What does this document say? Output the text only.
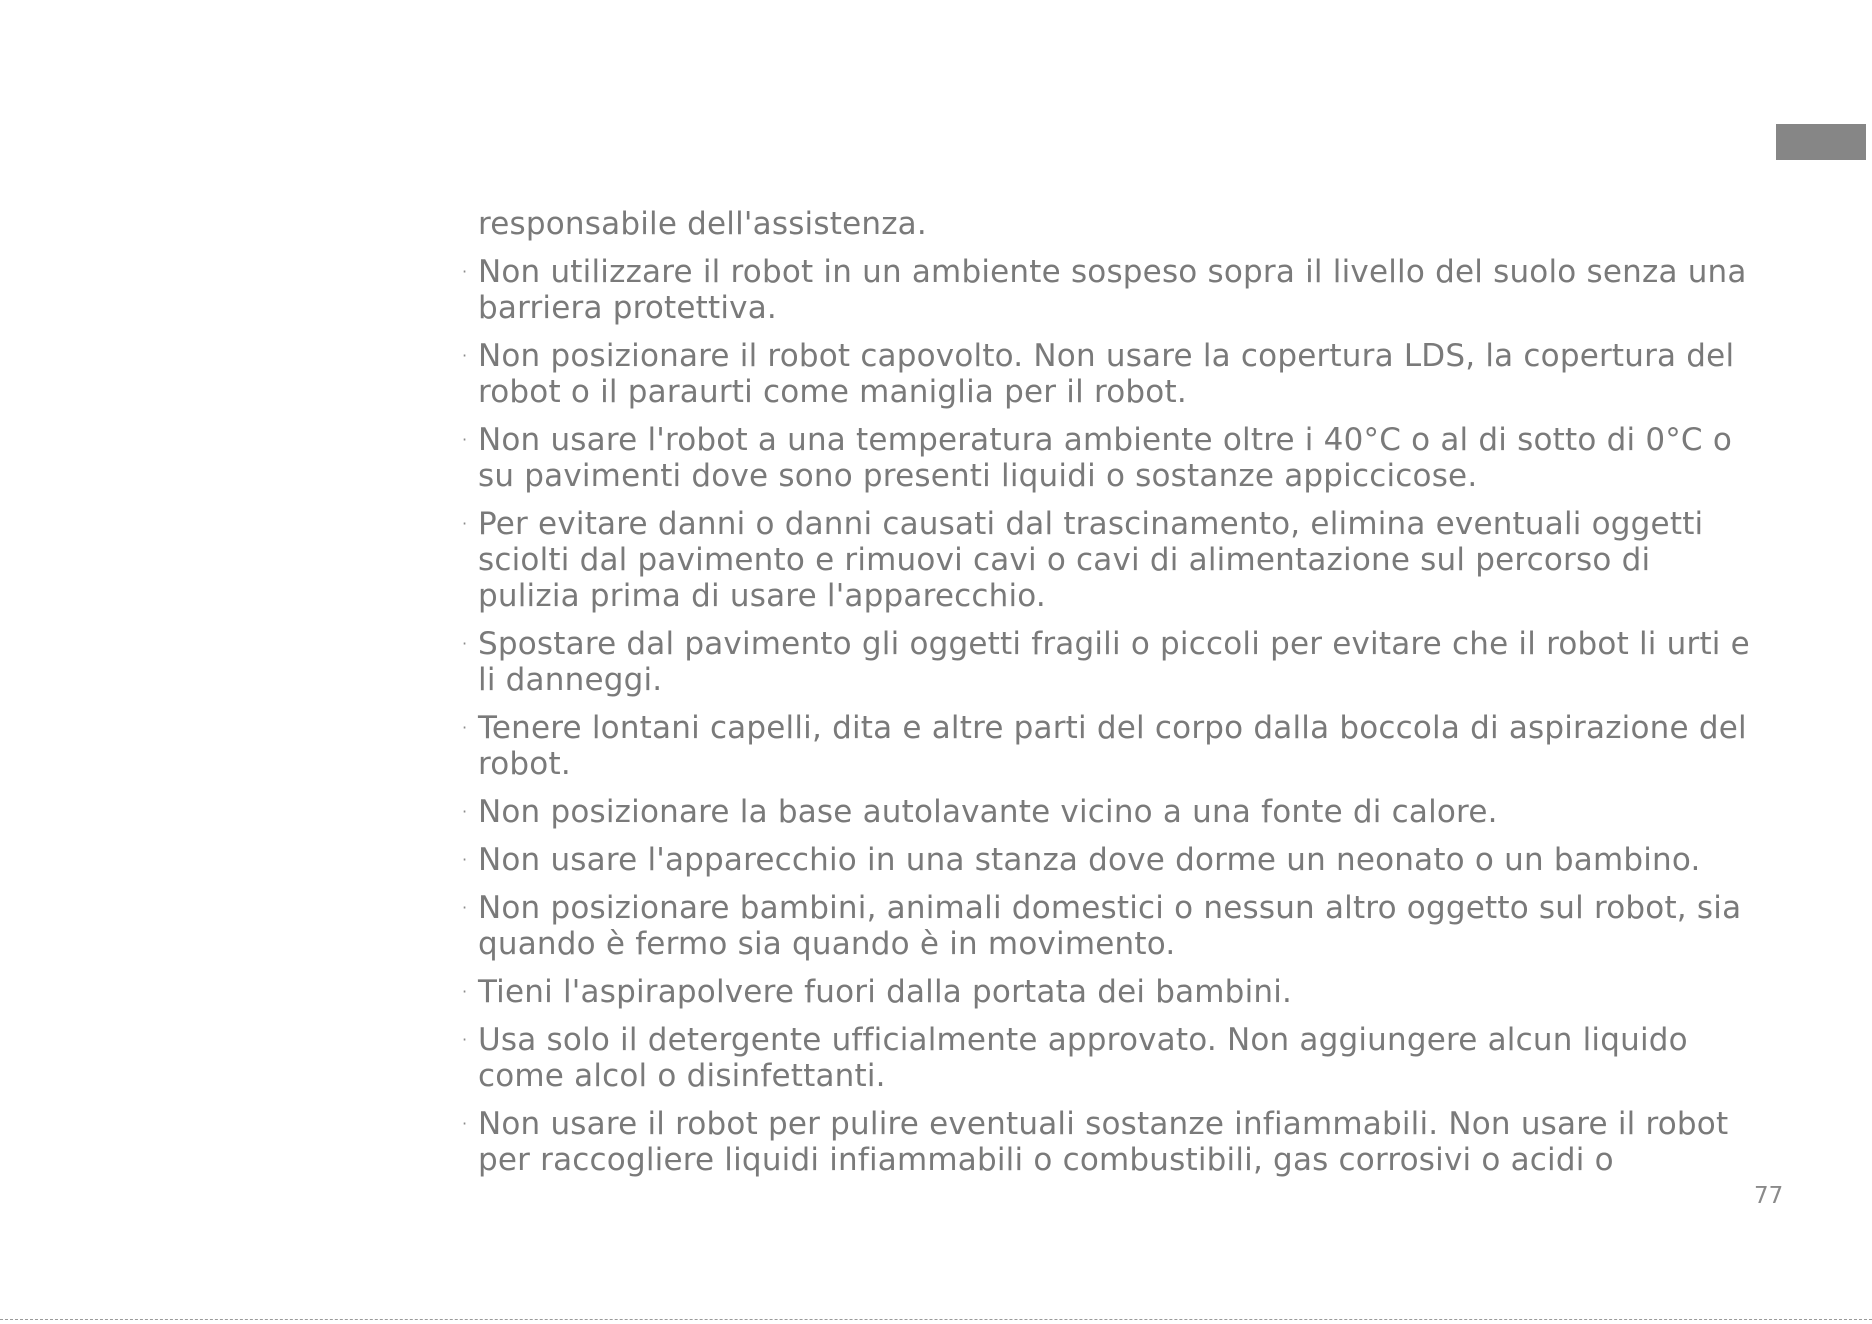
responsabile dell'assistenza.
· Non utilizzare il robot in un ambiente sospeso sopra il livello del suolo senza una barriera protettiva.
· Non posizionare il robot capovolto. Non usare la copertura LDS, la copertura del robot o il paraurti come maniglia per il robot.
· Non usare l'robot a una temperatura ambiente oltre i 40°C o al di sotto di 0°C o su pavimenti dove sono presenti liquidi o sostanze appiccicose.
· Per evitare danni o danni causati dal trascinamento, elimina eventuali oggetti sciolti dal pavimento e rimuovi cavi o cavi di alimentazione sul percorso di pulizia prima di usare l'apparecchio.
· Spostare dal pavimento gli oggetti fragili o piccoli per evitare che il robot li urti e li danneggi.
· Tenere lontani capelli, dita e altre parti del corpo dalla boccola di aspirazione del robot.
· Non posizionare la base autolavante vicino a una fonte di calore.
· Non usare l'apparecchio in una stanza dove dorme un neonato o un bambino.
· Non posizionare bambini, animali domestici o nessun altro oggetto sul robot, sia quando è fermo sia quando è in movimento.
· Tieni l'aspirapolvere fuori dalla portata dei bambini.
· Usa solo il detergente ufficialmente approvato. Non aggiungere alcun liquido come alcol o disinfettanti.
· Non usare il robot per pulire eventuali sostanze infiammabili. Non usare il robot per raccogliere liquidi infiammabili o combustibili, gas corrosivi o acidi o
77
